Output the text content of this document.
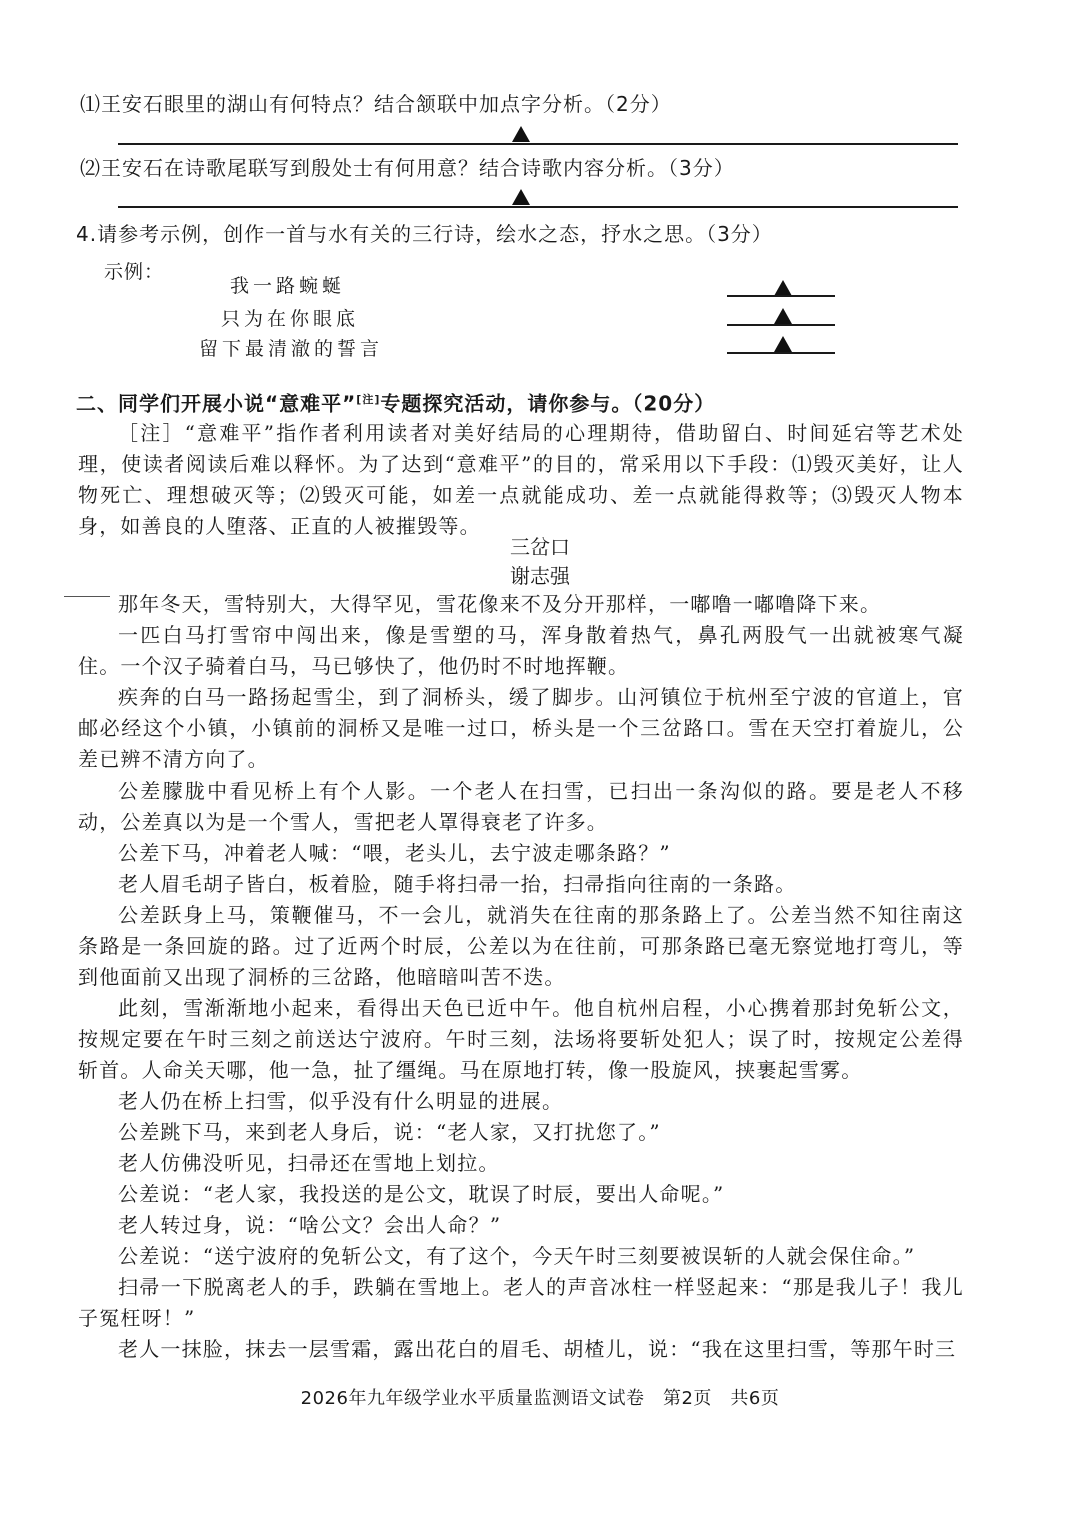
⑴王安石眼里的湖山有何特点？结合颔联中加点字分析。（2分）
⑵王安石在诗歌尾联写到殷处士有何用意？结合诗歌内容分析。（3分）
4.请参考示例，创作一首与水有关的三行诗，绘水之态，抒水之思。（3分）
示例：
我一路蜿蜒
只为在你眼底
留下最清澈的誓言
二、同学们开展小说“意难平”[注]专题探究活动，请你参与。（20分）
［注］“意难平”指作者利用读者对美好结局的心理期待，借助留白、时间延宕等艺术处理，使读者阅读后难以释怀。为了达到“意难平”的目的，常采用以下手段：⑴毁灭美好，让人物死亡、理想破灭等；⑵毁灭可能，如差一点就能成功、差一点就能得救等；⑶毁灭人物本身，如善良的人堕落、正直的人被摧毁等。
三岔口
谢志强
那年冬天，雪特别大，大得罕见，雪花像来不及分开那样，一嘟噜一嘟噜降下来。
一匹白马打雪帘中闯出来，像是雪塑的马，浑身散着热气，鼻孔两股气一出就被寒气凝住。一个汉子骑着白马，马已够快了，他仍时不时地挥鞭。
疾奔的白马一路扬起雪尘，到了洞桥头，缓了脚步。山河镇位于杭州至宁波的官道上，官邮必经这个小镇，小镇前的洞桥又是唯一过口，桥头是一个三岔路口。雪在天空打着旋儿，公差已辨不清方向了。
公差朦胧中看见桥上有个人影。一个老人在扫雪，已扫出一条沟似的路。要是老人不移动，公差真以为是一个雪人，雪把老人罩得衰老了许多。
公差下马，冲着老人喊：“喂，老头儿，去宁波走哪条路？”
老人眉毛胡子皆白，板着脸，随手将扫帚一抬，扫帚指向往南的一条路。
公差跃身上马，策鞭催马，不一会儿，就消失在往南的那条路上了。公差当然不知往南这条路是一条回旋的路。过了近两个时辰，公差以为在往前，可那条路已毫无察觉地打弯儿，等到他面前又出现了洞桥的三岔路，他暗暗叫苦不迭。
此刻，雪渐渐地小起来，看得出天色已近中午。他自杭州启程，小心携着那封免斩公文，按规定要在午时三刻之前送达宁波府。午时三刻，法场将要斩处犯人；误了时，按规定公差得斩首。人命关天哪，他一急，扯了缰绳。马在原地打转，像一股旋风，挟裹起雪雾。
老人仍在桥上扫雪，似乎没有什么明显的进展。
公差跳下马，来到老人身后，说：“老人家，又打扰您了。”
老人仿佛没听见，扫帚还在雪地上划拉。
公差说：“老人家，我投送的是公文，耽误了时辰，要出人命呢。”
老人转过身，说：“啥公文？会出人命？”
公差说：“送宁波府的免斩公文，有了这个，今天午时三刻要被误斩的人就会保住命。”
扫帚一下脱离老人的手，跌躺在雪地上。老人的声音冰柱一样竖起来：“那是我儿子！我儿子冤枉呀！”
老人一抹脸，抹去一层雪霜，露出花白的眉毛、胡楂儿，说：“我在这里扫雪，等那午时三
2026年九年级学业水平质量监测语文试卷　第2页　共6页
